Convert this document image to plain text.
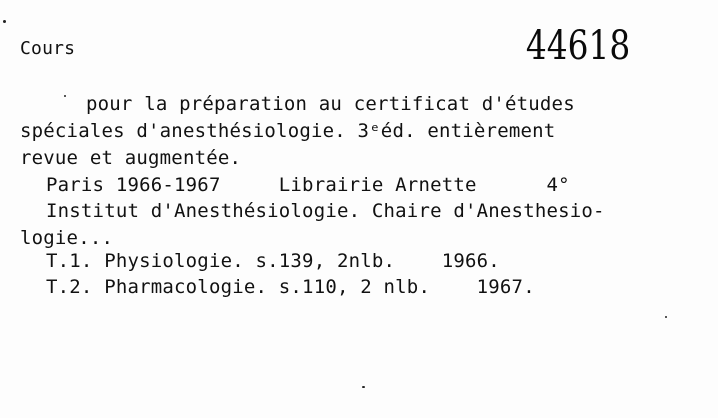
Cours	44618
pour la préparation au certificat d'études
spéciales d'anesthésiologie. 3ᵉéd. entièrement
revue et augmentée.
Paris 1966-1967     Librairie Arnette      4°
Institut d'Anesthésiologie. Chaire d'Anesthesio-
logie...
T.1. Physiologie. s.139, 2nlb.    1966.
T.2. Pharmacologie. s.110, 2 nlb.    1967.
